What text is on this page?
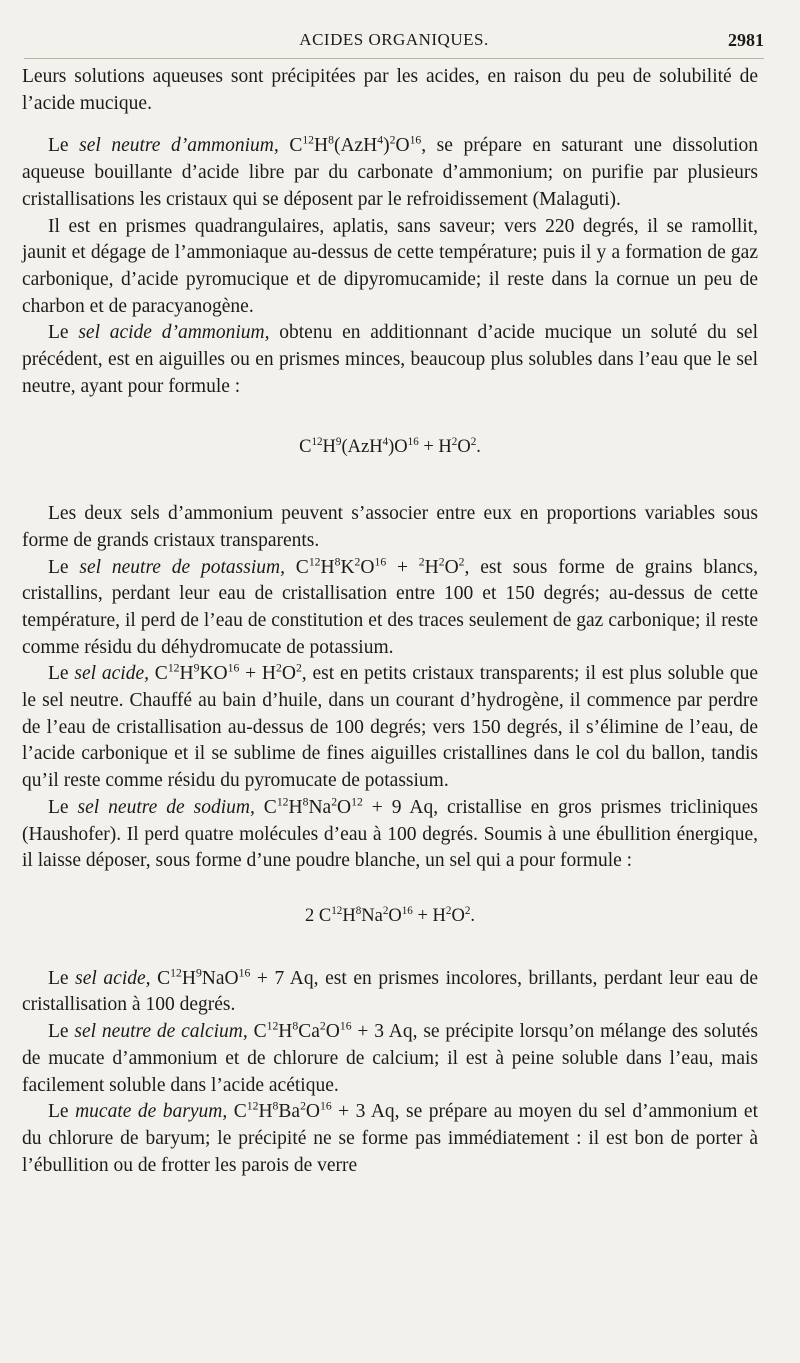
ACIDES ORGANIQUES.	2981

Leurs solutions aqueuses sont précipitées par les acides, en raison du peu de solubilité de l’acide mucique.

Le sel neutre d’ammonium, $C^{12}H^8(AzH^4)^2O^{16}$, se prépare en saturant une dissolution aqueuse bouillante d’acide libre par du carbonate d’ammonium; on purifie par plusieurs cristallisations les cristaux qui se déposent par le refroidissement (Malaguti).

Il est en prismes quadrangulaires, aplatis, sans saveur; vers 220 degrés, il se ramollit, jaunit et dégage de l’ammoniaque au-dessus de cette température; puis il y a formation de gaz carbonique, d’acide pyromucique et de dipyromucamide; il reste dans la cornue un peu de charbon et de paracyanogène.

Le sel acide d’ammonium, obtenu en additionnant d’acide mucique un soluté du sel précédent, est en aiguilles ou en prismes minces, beaucoup plus solubles dans l’eau que le sel neutre, ayant pour formule :

$C^{12}H^9(AzH^4)O^{16} + H^2O^2$.

Les deux sels d’ammonium peuvent s’associer entre eux en proportions variables sous forme de grands cristaux transparents.

Le sel neutre de potassium, $C^{12}H^8K^2O^{16} + ^2H^2O^2$, est sous forme de grains blancs, cristallins, perdant leur eau de cristallisation entre 100 et 150 degrés; au-dessus de cette température, il perd de l’eau de constitution et des traces seulement de gaz carbonique; il reste comme résidu du déhydromucate de potassium.

Le sel acide, $C^{12}H^9KO^{16} + H^2O^2$, est en petits cristaux transparents; il est plus soluble que le sel neutre. Chauffé au bain d’huile, dans un courant d’hydrogène, il commence par perdre de l’eau de cristallisation au-dessus de 100 degrés; vers 150 degrés, il s’élimine de l’eau, de l’acide carbonique et il se sublime de fines aiguilles cristallines dans le col du ballon, tandis qu’il reste comme résidu du pyromucate de potassium.

Le sel neutre de sodium, $C^{12}H^8Na^2O^{12} + 9$ Aq, cristallise en gros prismes tricliniques (Haushofer). Il perd quatre molécules d’eau à 100 degrés. Soumis à une ébullition énergique, il laisse déposer, sous forme d’une poudre blanche, un sel qui a pour formule :

2 $C^{12}H^8Na^2O^{16} + H^2O^2$.

Le sel acide, $C^{12}H^9NaO^{16} + 7$ Aq, est en prismes incolores, brillants, perdant leur eau de cristallisation à 100 degrés.

Le sel neutre de calcium, $C^{12}H^8Ca^2O^{16} + 3$ Aq, se précipite lorsqu’on mélange des solutés de mucate d’ammonium et de chlorure de calcium; il est à peine soluble dans l’eau, mais facilement soluble dans l’acide acétique.

Le mucate de baryum, $C^{12}H^8Ba^2O^{16} + 3$ Aq, se prépare au moyen du sel d’ammonium et du chlorure de baryum; le précipité ne se forme pas immédiatement : il est bon de porter à l’ébullition ou de frotter les parois de verre
